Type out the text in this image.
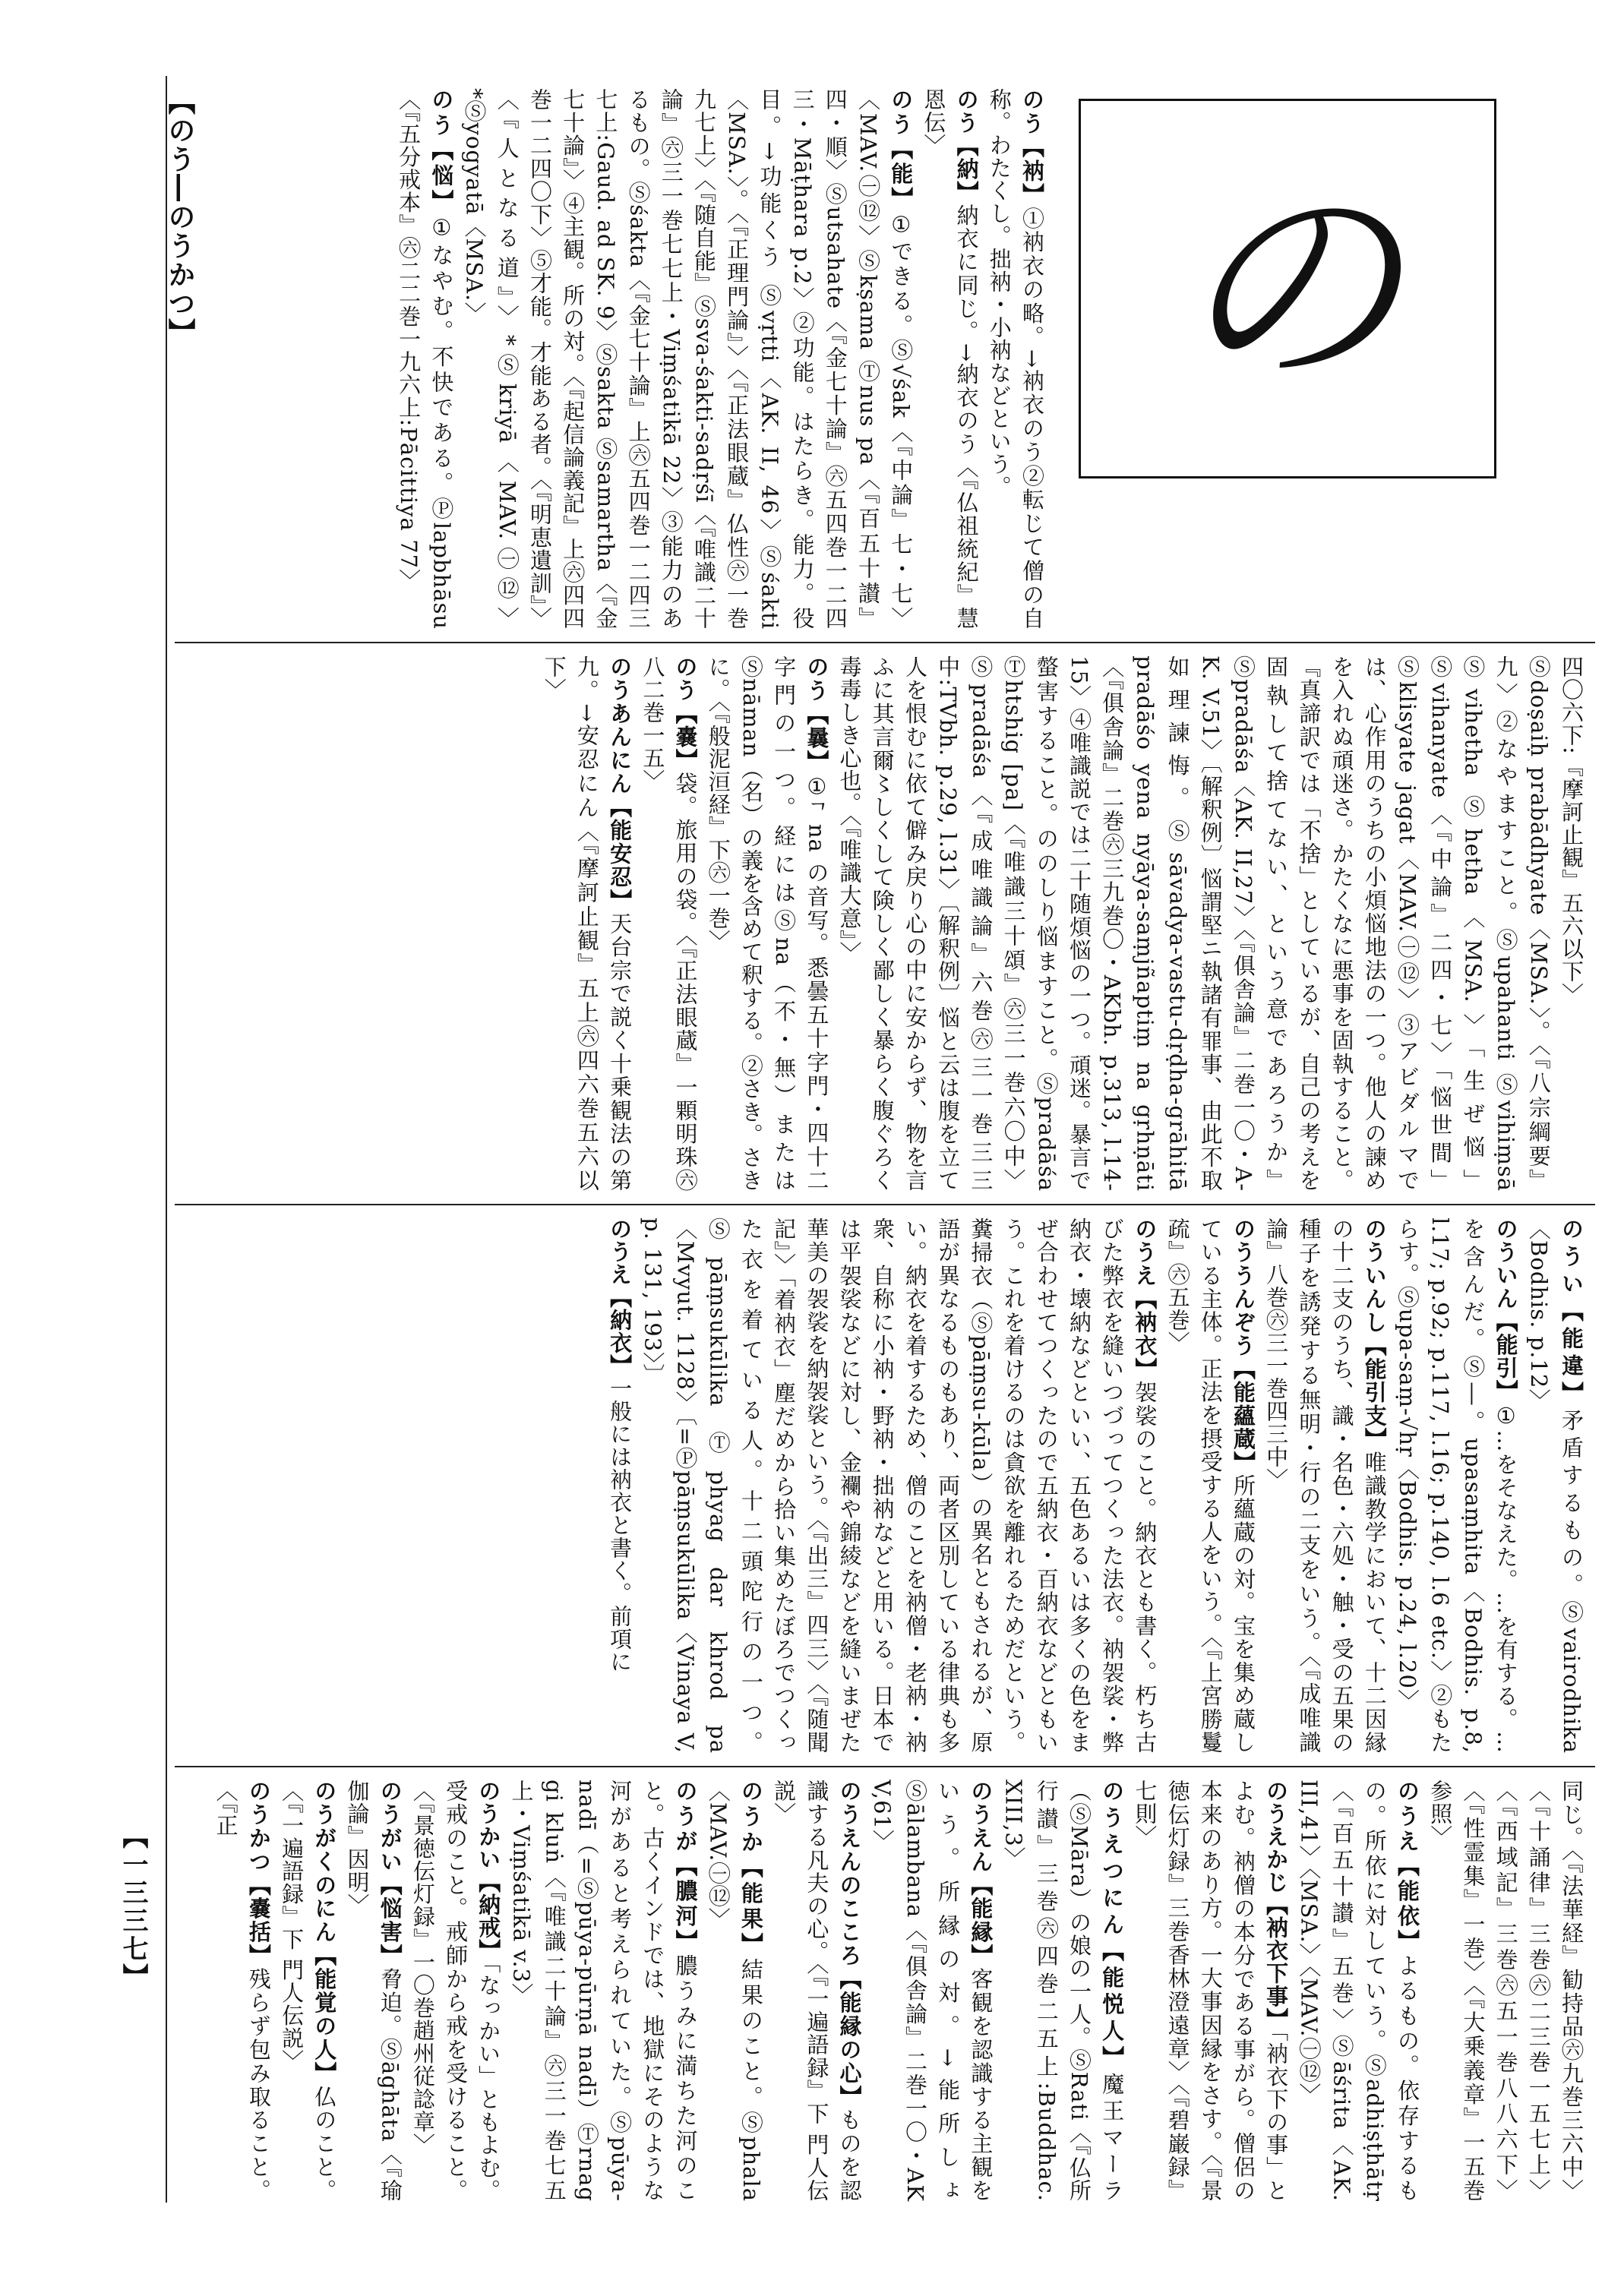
【のう―のうかつ】
【一三三七】

のう【衲】①衲衣の略。→衲衣のう②転じて僧の自称。わたくし。拙衲・小衲などという。

のう【納】納衣に同じ。→納衣のう〈『仏祖統紀』慧恩伝〉

のう【能】①できる。Ⓢ√śak〈『中論』七・七〉〈MAV.㊀⑫〉Ⓢkṣama Ⓣnus pa〈『百五十讃』四・順〉Ⓢutsahate〈『金七十論』㊅五四巻一二四三・Māṭhara p.2〉②功能。はたらき。能力。役目。→功能くう Ⓢvṛtti〈AK. II, 46〉Ⓢśakti〈MSA.〉。〈『正理門論』〉〈『正法眼蔵』仏性㊅一巻九七上〉〈『随自能』Ⓢsva-śakti-sadṛśī〈『唯識二十論』㊅三一巻七七上・Viṃśatikā 22〉③能力のあるもの。Ⓢśakta〈『金七十論』上㊅五四巻一二四三七上:Gaud. ad SK. 9〉Ⓢsakta Ⓢsamartha〈『金七十論』〉④主観。所の対。〈『起信論義記』上㊅四四巻一二四〇下〉⑤才能。才能ある者。〈『明恵遺訓』〉〈『人となる道』〉*Ⓢkriyā〈MAV.㊀⑫〉*Ⓢyogyatā〈MSA.〉

のう【悩】①なやむ。不快である。Ⓟlapbhāsu〈『五分戒本』㊅二二巻一九六上:Pācittiya 77〉	の

四〇六下:『摩訶止観』五六以下〉

Ⓢdoṣaiḥ prabādhyate〈MSA.〉。〈『八宗綱要』九〉②なやますこと。Ⓢupahanti Ⓢvihiṃsā Ⓢvihetha Ⓢhetha〈MSA.〉「生ぜ悩」Ⓢvihanyate〈『中論』二四・七〉「悩世間」Ⓢklisyate jagat〈MAV.㊀⑫〉③アビダルマでは、心作用のうちの小煩悩地法の一つ。他人の諫めを入れぬ頑迷さ。かたくなに悪事を固執すること。『真諦訳では「不捨」としているが、自己の考えを固執して捨てない、という意であろうか』Ⓢpradāśa〈AK. II,27〉〈『俱舎論』二巻一〇・A-K. V.51〉〔解釈例〕悩謂堅ニ執諸有罪事、由此不取如理諫悔。Ⓢsāvadya-vastu-dṛḍha-grāhitā pradāśo yena nyāya-saṃjñaptiṃ na gṛhṇāti〈『俱舎論』二巻㊅三九巻〇・AKbh. p.313, l.14-15〉④唯識説では二十随煩悩の一つ。頑迷。暴言で螫害すること。ののしり悩ますこと。Ⓢpradāśa Ⓣhtshig [pa]〈『唯識三十頌』㊅三一巻六〇中〉Ⓢpradāśa〈『成唯識論』六巻㊅三一巻三三中:TVbh. p.29, l.31〉〔解釈例〕悩と云は腹を立て人を恨むに依て僻み戻り心の中に安からず、物を言ふに其言爾〻しくして険しく鄙しく暴らく腹ぐろく毒毒しき心也。〈『唯識大意』〉

のう【曩】①ᄀna の音写。悉曇五十字門・四十二字門の一つ。経にはⓈna（不・無）または Ⓢnāman（名）の義を含めて釈する。②さき。さきに。〈『般泥洹経』下㊅一巻〉

のう【嚢】袋。旅用の袋。〈『正法眼蔵』一顆明珠㊅八二巻一五〉

のうあんにん【能安忍】天台宗で説く十乗観法の第九。→安忍にん〈『摩訶止観』五上㊅四六巻五六以下〉

のうい【能違】矛盾するもの。Ⓢvairodhika〈Bodhis. p.12〉

のういん【能引】①…をそなえた。…を有する。…を含んだ。Ⓢ―。upasaṃhita〈Bodhis. p.8, l.17; p.92; p.117, l.16; p.140, l.6 etc.〉②もたらす。Ⓢupa-saṃ-√hṛ〈Bodhis. p.24, l.20〉

のういんし【能引支】唯識教学において、十二因縁の十二支のうち、識・名色・六処・触・受の五果の種子を誘発する無明・行の二支をいう。〈『成唯識論』八巻㊅三一巻四三中〉

のううんぞう【能蘊蔵】所蘊蔵の対。宝を集め蔵している主体。正法を摂受する人をいう。〈『上宮勝鬘疏』㊅五巻〉

のうえ【衲衣】袈裟のこと。納衣とも書く。朽ち古びた弊衣を縫いつづってつくった法衣。衲袈裟・弊納衣・壊納などといい、五色あるいは多くの色をまぜ合わせてつくったので五納衣・百納衣などともいう。これを着けるのは貪欲を離れるためだという。糞掃衣（Ⓢpāṃsu-kūla）の異名ともされるが、原語が異なるものもあり、両者区別している律典も多い。納衣を着するため、僧のことを衲僧・老衲・衲衆、自称に小衲・野衲・拙衲などと用いる。日本では平袈裟などに対し、金襴や錦綾などを縫いまぜた華美の袈裟を納袈裟という。〈『出三』四三〉〈『随聞記』〉「着衲衣」塵だめから拾い集めたぼろでつくった衣を着ている人。十二頭陀行の一つ。Ⓢpāṃsukūlika Ⓣphyag dar khrod pa〈Mvyut. 1128〉〔=Ⓟpāṃsukūlika〈Vinaya V, p. 131, 193〉〕

のうえ【納衣】一般には衲衣と書く。前項に

同じ。〈『法華経』勧持品㊅九巻三六中〉〈『十誦律』三巻㊅二三巻一五七上〉〈『西域記』三巻㊅五一巻八八六下〉〈『性霊集』一巻〉〈『大乗義章』一五巻参照〉

のうえ【能依】よるもの。依存するもの。所依に対していう。Ⓢadhiṣṭhātṛ〈『百五十讃』五巻〉Ⓢāśrita〈AK. III,41〉〈MSA.〉〈MAV.㊀⑫〉

のうえかじ【衲衣下事】「衲衣下の事」とよむ。衲僧の本分である事がら。僧侶の本来のあり方。一大事因縁をさす。〈『景徳伝灯録』三巻香林澄遠章〉〈『碧巌録』七則〉

のうえつにん【能悦人】魔王マーラ（ⓈMāra）の娘の一人。ⓈRati〈『仏所行讃』三巻㊅四巻二五上:Buddhac. XIII,3〉

のうえん【能縁】客観を認識する主観をいう。所縁の対。→能所しょ Ⓢālambana〈『俱舎論』二巻一〇・AK V,61〉

のうえんのこころ【能縁の心】ものを認識する凡夫の心。〈『一遍語録』下 門人伝説〉

のうか【能果】結果のこと。Ⓢphala〈MAV.㊀⑫〉

のうが【膿河】膿うみに満ちた河のこと。古くインドでは、地獄にそのような河があると考えられていた。Ⓢpūya-nadī（=Ⓢpūya-pūrṇā nadī）Ⓣrnag gi kluṅ〈『唯識二十論』㊅三一巻七五上・Viṃśatikā v.3〉

のうかい【納戒】「なっかい」ともよむ。受戒のこと。戒師から戒を受けること。〈『景徳伝灯録』一〇巻趙州従諗章〉

のうがい【悩害】脅迫。Ⓢāghāta〈『瑜伽論』因明〉

のうがくのにん【能覚の人】仏のこと。〈『一遍語録』下 門人伝説〉

のうかつ【嚢括】残らず包み取ること。〈『正
